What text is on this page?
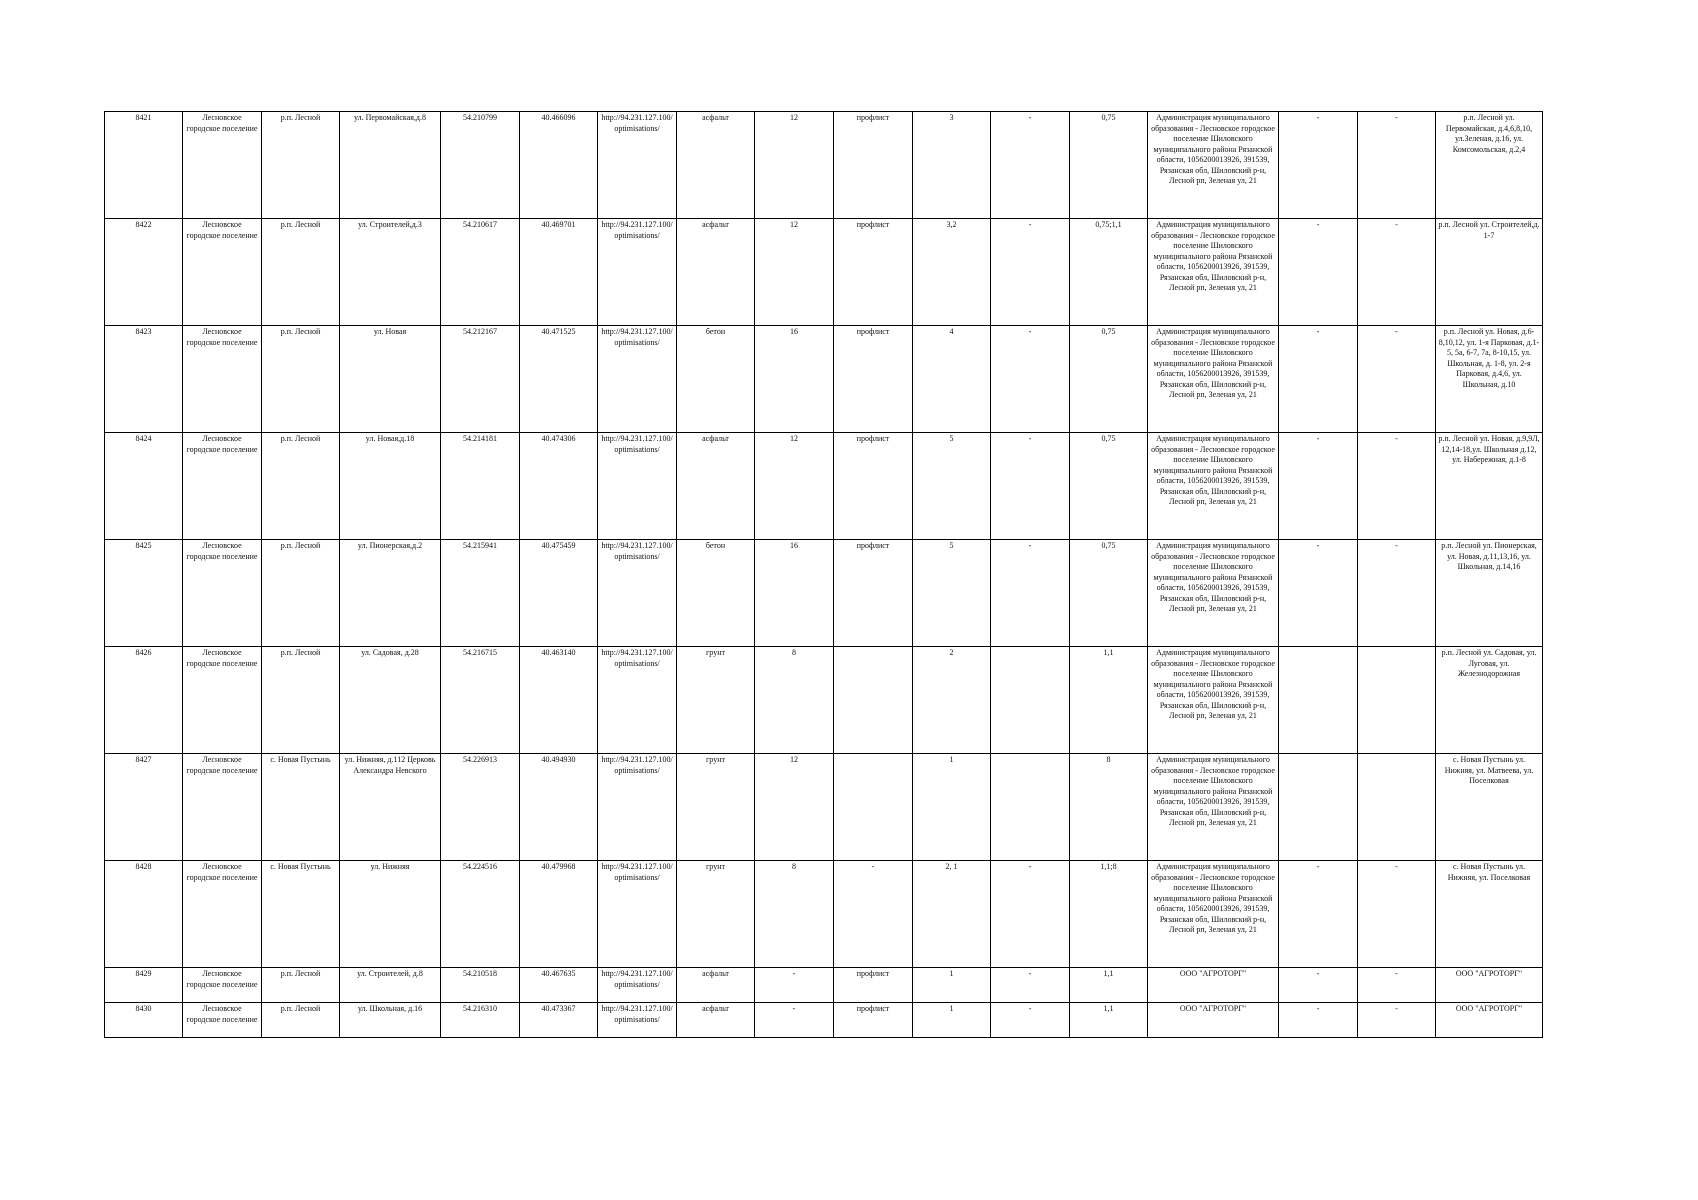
8421	Лесновское городское поселение	р.п. Лесной	ул. Первомайская,д.8	54.210799	40.466096	http://94.231.127.100/optimisations/	асфальт	12	профлист	3	-	0,75	Администрация муниципального образования - Лесновское городское поселение Шиловского муниципального района Рязанской области, 1056200013926, 391539, Рязанская обл, Шиловский р-н, Лесной рп, Зеленая ул, 21	-	-	р.п. Лесной ул. Первомайская, д.4,6,8,10, ул.Зеленая, д.16, ул. Комсомольская, д.2,4
8422	Лесновское городское поселение	р.п. Лесной	ул. Строителей,д.3	54.210617	40.469701	http://94.231.127.100/optimisations/	асфальт	12	профлист	3,2	-	0,75;1,1	Администрация муниципального образования - Лесновское городское поселение Шиловского муниципального района Рязанской области, 1056200013926, 391539, Рязанская обл, Шиловский р-н, Лесной рп, Зеленая ул, 21	-	-	р.п. Лесной ул. Строителей,д. 1-7
8423	Лесновское городское поселение	р.п. Лесной	ул. Новая	54.212167	40.471525	http://94.231.127.100/optimisations/	бетон	16	профлист	4	-	0,75	Администрация муниципального образования - Лесновское городское поселение Шиловского муниципального района Рязанской области, 1056200013926, 391539, Рязанская обл, Шиловский р-н, Лесной рп, Зеленая ул, 21	-	-	р.п. Лесной ул. Новая, д.6-8,10,12, ул. 1-я Парковая, д.1-5, 5а, 6-7, 7а, 8-10,15, ул. Школьная, д. 1-8, ул. 2-я Парковая, д.4,6, ул. Школьная, д.10
8424	Лесновское городское поселение	р.п. Лесной	ул. Новая,д.18	54.214181	40.474306	http://94.231.127.100/optimisations/	асфальт	12	профлист	5	-	0,75	Администрация муниципального образования - Лесновское городское поселение Шиловского муниципального района Рязанской области, 1056200013926, 391539, Рязанская обл, Шиловский р-н, Лесной рп, Зеленая ул, 21	-	-	р.п. Лесной ул. Новая, д.9,9Л, 12,14-18,ул. Школьная д.12, ул. Набережная, д.1-8
8425	Лесновское городское поселение	р.п. Лесной	ул. Пионерская,д.2	54.215941	40.475459	http://94.231.127.100/optimisations/	бетон	16	профлист	5	-	0,75	Администрация муниципального образования - Лесновское городское поселение Шиловского муниципального района Рязанской области, 1056200013926, 391539, Рязанская обл, Шиловский р-н, Лесной рп, Зеленая ул, 21	-	-	р.п. Лесной ул. Пионерская, ул. Новая, д.11,13,16, ул. Школьная, д.14,16
8426	Лесновское городское поселение	р.п. Лесной	ул. Садовая, д.28	54.216715	40.463140	http://94.231.127.100/optimisations/	грунт	8		2		1,1	Администрация муниципального образования - Лесновское городское поселение Шиловского муниципального района Рязанской области, 1056200013926, 391539, Рязанская обл, Шиловский р-н, Лесной рп, Зеленая ул, 21			р.п. Лесной ул. Садовая, ул. Луговая, ул. Железнодорожная
8427	Лесновское городское поселение	с. Новая Пустынь	ул. Нижняя, д.112 Церковь Александра Невского	54.226913	40.494930	http://94.231.127.100/optimisations/	грунт	12		1		8	Администрация муниципального образования - Лесновское городское поселение Шиловского муниципального района Рязанской области, 1056200013926, 391539, Рязанская обл, Шиловский р-н, Лесной рп, Зеленая ул, 21			с. Новая Пустынь ул. Нижняя, ул. Матвеева, ул. Поселковая
8428	Лесновское городское поселение	с. Новая Пустынь	ул. Нижняя	54.224516	40.479968	http://94.231.127.100/optimisations/	грунт	8	-	2, 1	-	1,1;8	Администрация муниципального образования - Лесновское городское поселение Шиловского муниципального района Рязанской области, 1056200013926, 391539, Рязанская обл, Шиловский р-н, Лесной рп, Зеленая ул, 21	-	-	с. Новая Пустынь ул. Нижняя, ул. Поселковая
8429	Лесновское городское поселение	р.п. Лесной	ул. Строителей, д.8	54.210518	40.467635	http://94.231.127.100/optimisations/	асфальт	-	профлист	1	-	1,1	ООО "АГРОТОРГ"	-	-	ООО "АГРОТОРГ"
8430	Лесновское городское поселение	р.п. Лесной	ул. Школьная, д.16	54.216310	40.473367	http://94.231.127.100/optimisations/	асфальт	-	профлист	1	-	1,1	ООО "АГРОТОРГ"	-	-	ООО "АГРОТОРГ"
